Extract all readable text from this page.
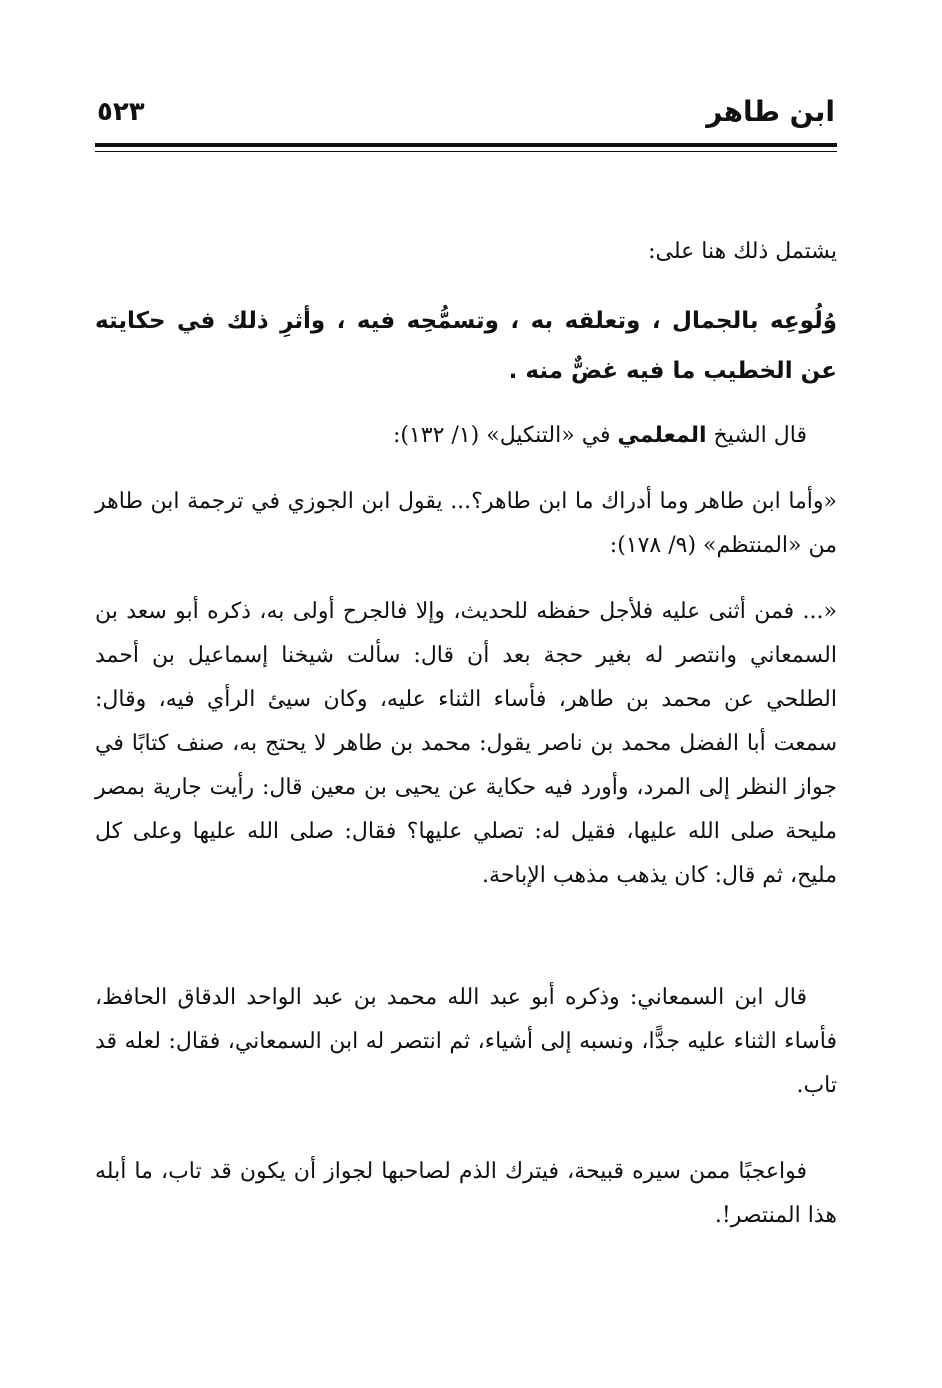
ابن طاهر
٥٢٣
يشتمل ذلك هنا على:
وُلُوعِه بالجمال ، وتعلقه به ، وتسمُّحِه فيه ، وأثرِ ذلك في حكايته عن الخطيب ما فيه غضٌّ منه .
قال الشيخ المعلمي في «التنكيل» (١/ ١٣٢):
«وأما ابن طاهر وما أدراك ما ابن طاهر؟... يقول ابن الجوزي في ترجمة ابن طاهر من «المنتظم» (٩/ ١٧٨):
«... فمن أثنى عليه فلأجل حفظه للحديث، وإلا فالجرح أولى به، ذكره أبو سعد بن السمعاني وانتصر له بغير حجة بعد أن قال: سألت شيخنا إسماعيل بن أحمد الطلحي عن محمد بن طاهر، فأساء الثناء عليه، وكان سيئ الرأي فيه، وقال: سمعت أبا الفضل محمد بن ناصر يقول: محمد بن طاهر لا يحتج به، صنف كتابًا في جواز النظر إلى المرد، وأورد فيه حكاية عن يحيى بن معين قال: رأيت جارية بمصر مليحة صلى الله عليها، فقيل له: تصلي عليها؟ فقال: صلى الله عليها وعلى كل مليح، ثم قال: كان يذهب مذهب الإباحة.
قال ابن السمعاني: وذكره أبو عبد الله محمد بن عبد الواحد الدقاق الحافظ، فأساء الثناء عليه جدًّا، ونسبه إلى أشياء، ثم انتصر له ابن السمعاني، فقال: لعله قد تاب.
فواعجبًا ممن سيره قبيحة، فيترك الذم لصاحبها لجواز أن يكون قد تاب، ما أبله هذا المنتصر!.
